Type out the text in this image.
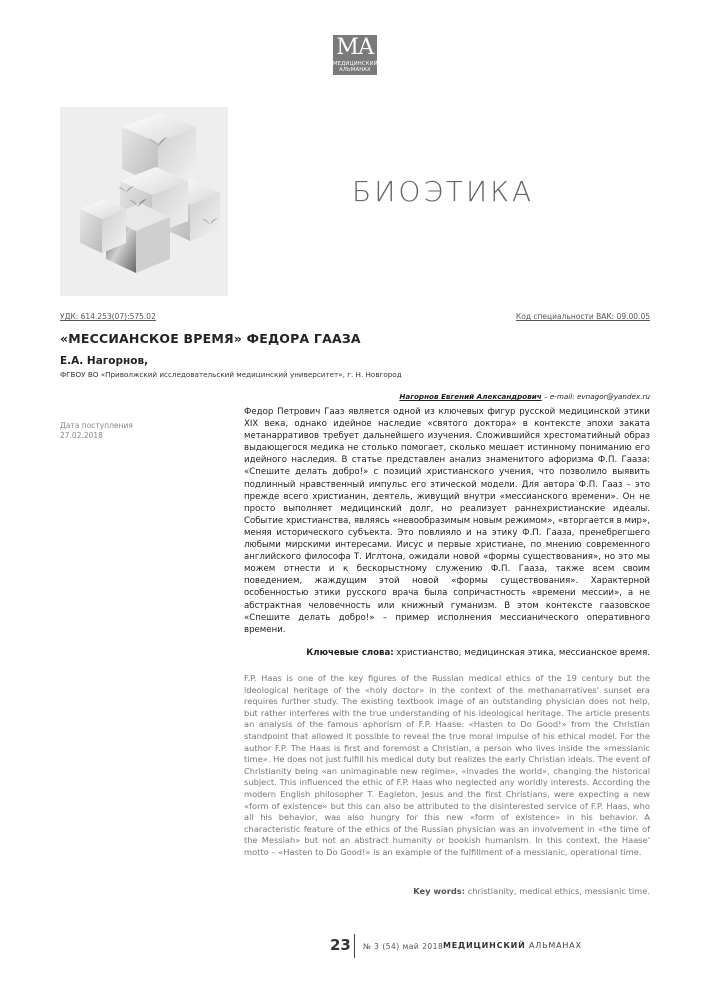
МА
МЕДИЦИНСКИЙ
АЛЬМАНАХ
БИОЭТИКА
УДК: 614.253(07):575.02	Код специальности ВАК: 09.00.05
«МЕССИАНСКОЕ ВРЕМЯ» ФЕДОРА ГААЗА
Е.А. Нагорнов,
ФГБОУ ВО «Приволжский исследовательский медицинский университет», г. Н. Новгород
Нагорнов Евгений Александрович – e-mail: evnagor@yandex.ru
Дата поступления
27.02.2018
Федор Петрович Гааз является одной из ключевых фигур русской медицинской этики XIX века, однако идейное наследие «святого доктора» в контексте эпохи заката метанарративов требует дальнейшего изучения. Сложившийся хрестоматийный образ выдающегося медика не столько помогает, сколько мешает истинному пониманию его идейного наследия. В статье представлен анализ знаменитого афоризма Ф.П. Гааза: «Спешите делать добро!» с позиций христианского учения, что позволило выявить подлинный нравственный импульс его этической модели. Для автора Ф.П. Гааз – это прежде всего христианин, деятель, живущий внутри «мессианского времени». Он не просто выполняет медицинский долг, но реализует раннехристианские идеалы. Событие христианства, являясь «невообразимым новым режимом», «вторгается в мир», меняя исторического субъекта. Это повлияло и на этику Ф.П. Гааза, пренебрегшего любыми мирскими интересами. Иисус и первые христиане, по мнению современного английского философа Т. Иглтона, ожидали новой «формы существования», но это мы можем отнести и к бескорыстному служению Ф.П. Гааза, также всем своим поведением, жаждущим этой новой «формы существования». Характерной особенностью этики русского врача была сопричастность «времени мессии», а не абстрактная человечность или книжный гуманизм. В этом контексте гаазовское «Спешите делать добро!» – пример исполнения мессианического оперативного времени.
Ключевые слова: христианство, медицинская этика, мессианское время.
F.P. Haas is one of the key figures of the Russian medical ethics of the 19 century but the ideological heritage of the «holy doctor» in the context of the methanarratives' sunset era requires further study. The existing textbook image of an outstanding physician does not help, but rather interferes with the true understanding of his ideological heritage. The article presents an analysis of the famous aphorism of F.P. Haase: «Hasten to Do Good!» from the Christian standpoint that allowed it possible to reveal the true moral impulse of his ethical model. For the author F.P. The Haas is first and foremost a Christian, a person who lives inside the «messianic time». He does not just fulfill his medical duty but realizes the early Christian ideals. The event of Christianity being «an unimaginable new regime», «invades the world», changing the historical subject. This influenced the ethic of F.P. Haas who neglected any worldly interests. According the modern English philosopher T. Eagleton, Jesus and the first Christians, were expecting a new «form of existence» but this can also be attributed to the disinterested service of F.P. Haas, who all his behavior, was also hungry for this new «form of existence» in his behavior. A characteristic feature of the ethics of the Russian physician was an involvement in «the time of the Messiah» but not an abstract humanity or bookish humanism. In this context, the Haase' motto – «Hasten to Do Good!» is an example of the fulfillment of a messianic, operational time.
Key words: christianity, medical ethics, messianic time.
23 № 3 (54) май 2018 МЕДИЦИНСКИЙ АЛЬМАНАХ
